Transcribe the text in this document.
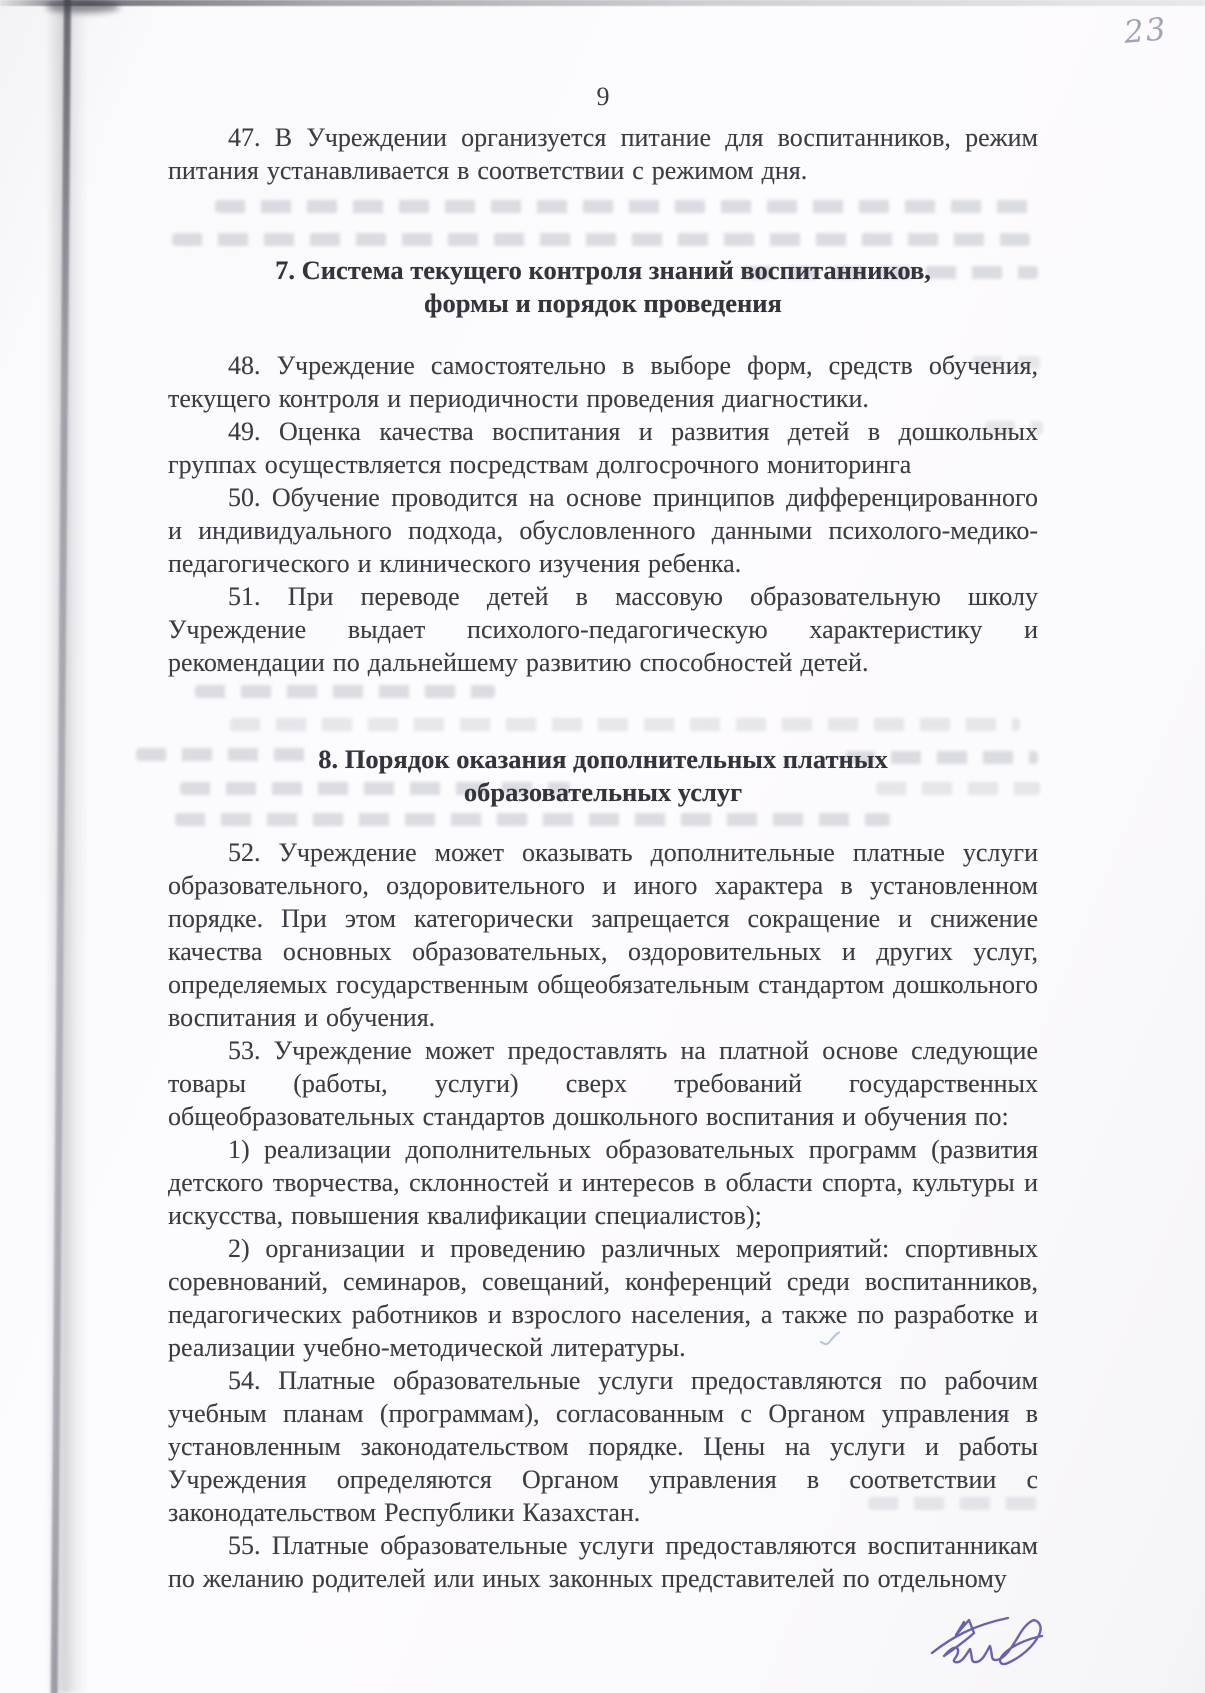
9

47. В Учреждении организуется питание для воспитанников, режим питания устанавливается в соответствии с режимом дня.

7. Система текущего контроля знаний воспитанников,
формы и порядок проведения

48. Учреждение самостоятельно в выборе форм, средств обучения, текущего контроля и периодичности проведения диагностики.

49. Оценка качества воспитания и развития детей в дошкольных группах осуществляется посредствам долгосрочного мониторинга

50. Обучение проводится на основе принципов дифференцированного и индивидуального подхода, обусловленного данными психолого-медико-педагогического и клинического изучения ребенка.

51. При переводе детей в массовую образовательную школу Учреждение выдает психолого-педагогическую характеристику и рекомендации по дальнейшему развитию способностей детей.

8. Порядок оказания дополнительных платных
образовательных услуг

52. Учреждение может оказывать дополнительные платные услуги образовательного, оздоровительного и иного характера в установленном порядке. При этом категорически запрещается сокращение и снижение качества основных образовательных, оздоровительных и других услуг, определяемых государственным общеобязательным стандартом дошкольного воспитания и обучения.

53. Учреждение может предоставлять на платной основе следующие товары (работы, услуги) сверх требований государственных общеобразовательных стандартов дошкольного воспитания и обучения по:

1) реализации дополнительных образовательных программ (развития детского творчества, склонностей и интересов в области спорта, культуры и искусства, повышения квалификации специалистов);

2) организации и проведению различных мероприятий: спортивных соревнований, семинаров, совещаний, конференций среди воспитанников, педагогических работников и взрослого населения, а также по разработке и реализации учебно-методической литературы.

54. Платные образовательные услуги предоставляются по рабочим учебным планам (программам), согласованным с Органом управления в установленным законодательством порядке. Цены на услуги и работы Учреждения определяются Органом управления в соответствии с законодательством Республики Казахстан.

55. Платные образовательные услуги предоставляются воспитанникам по желанию родителей или иных законных представителей по отдельному

23
